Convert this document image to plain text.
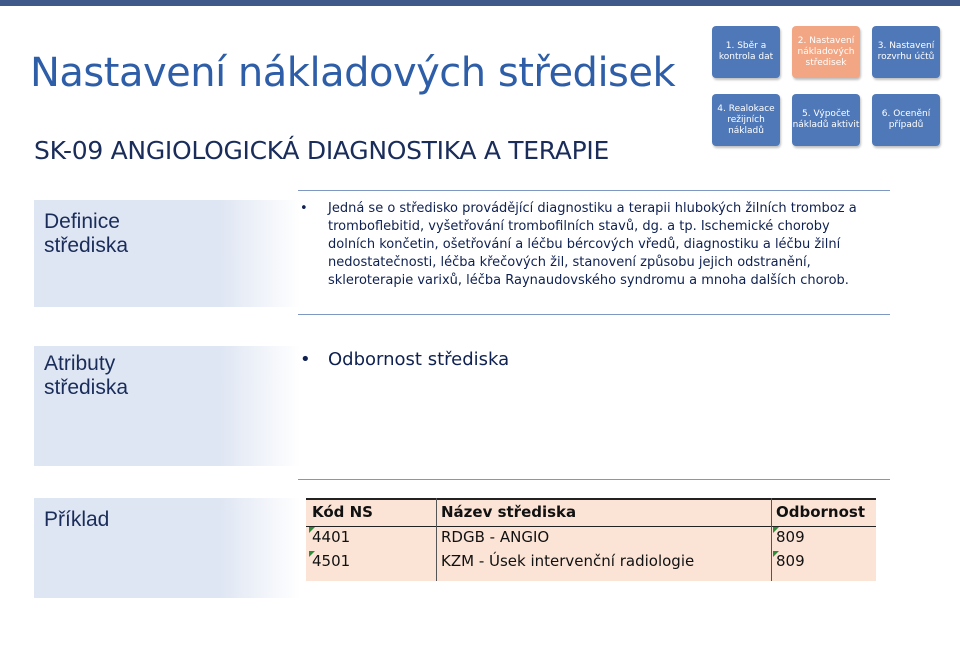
Nastavení nákladových středisek
SK-09 ANGIOLOGICKÁ DIAGNOSTIKA A TERAPIE
1. Sběr a kontrola dat
2. Nastavení nákladových středisek
3. Nastavení rozvrhu účtů
4. Realokace režijních nákladů
5. Výpočet nákladů aktivit
6. Ocenění případů
Definice
střediska
• Jedná se o středisko provádějící diagnostiku a terapii hlubokých žilních tromboz a tromboflebitid, vyšetřování trombofilních stavů, dg. a tp. Ischemické choroby dolních končetin, ošetřování a léčbu bércových vředů, diagnostiku a léčbu žilní nedostatečnosti, léčba křečových žil, stanovení způsobu jejich odstranění, skleroterapie varixů, léčba Raynaudovského syndromu a mnoha dalších chorob.
Atributy
střediska
• Odbornost střediska
Příklad	Kód NS	Název střediska	Odbornost
4401	RDGB - ANGIO	809
4501	KZM - Úsek intervenční radiologie	809
